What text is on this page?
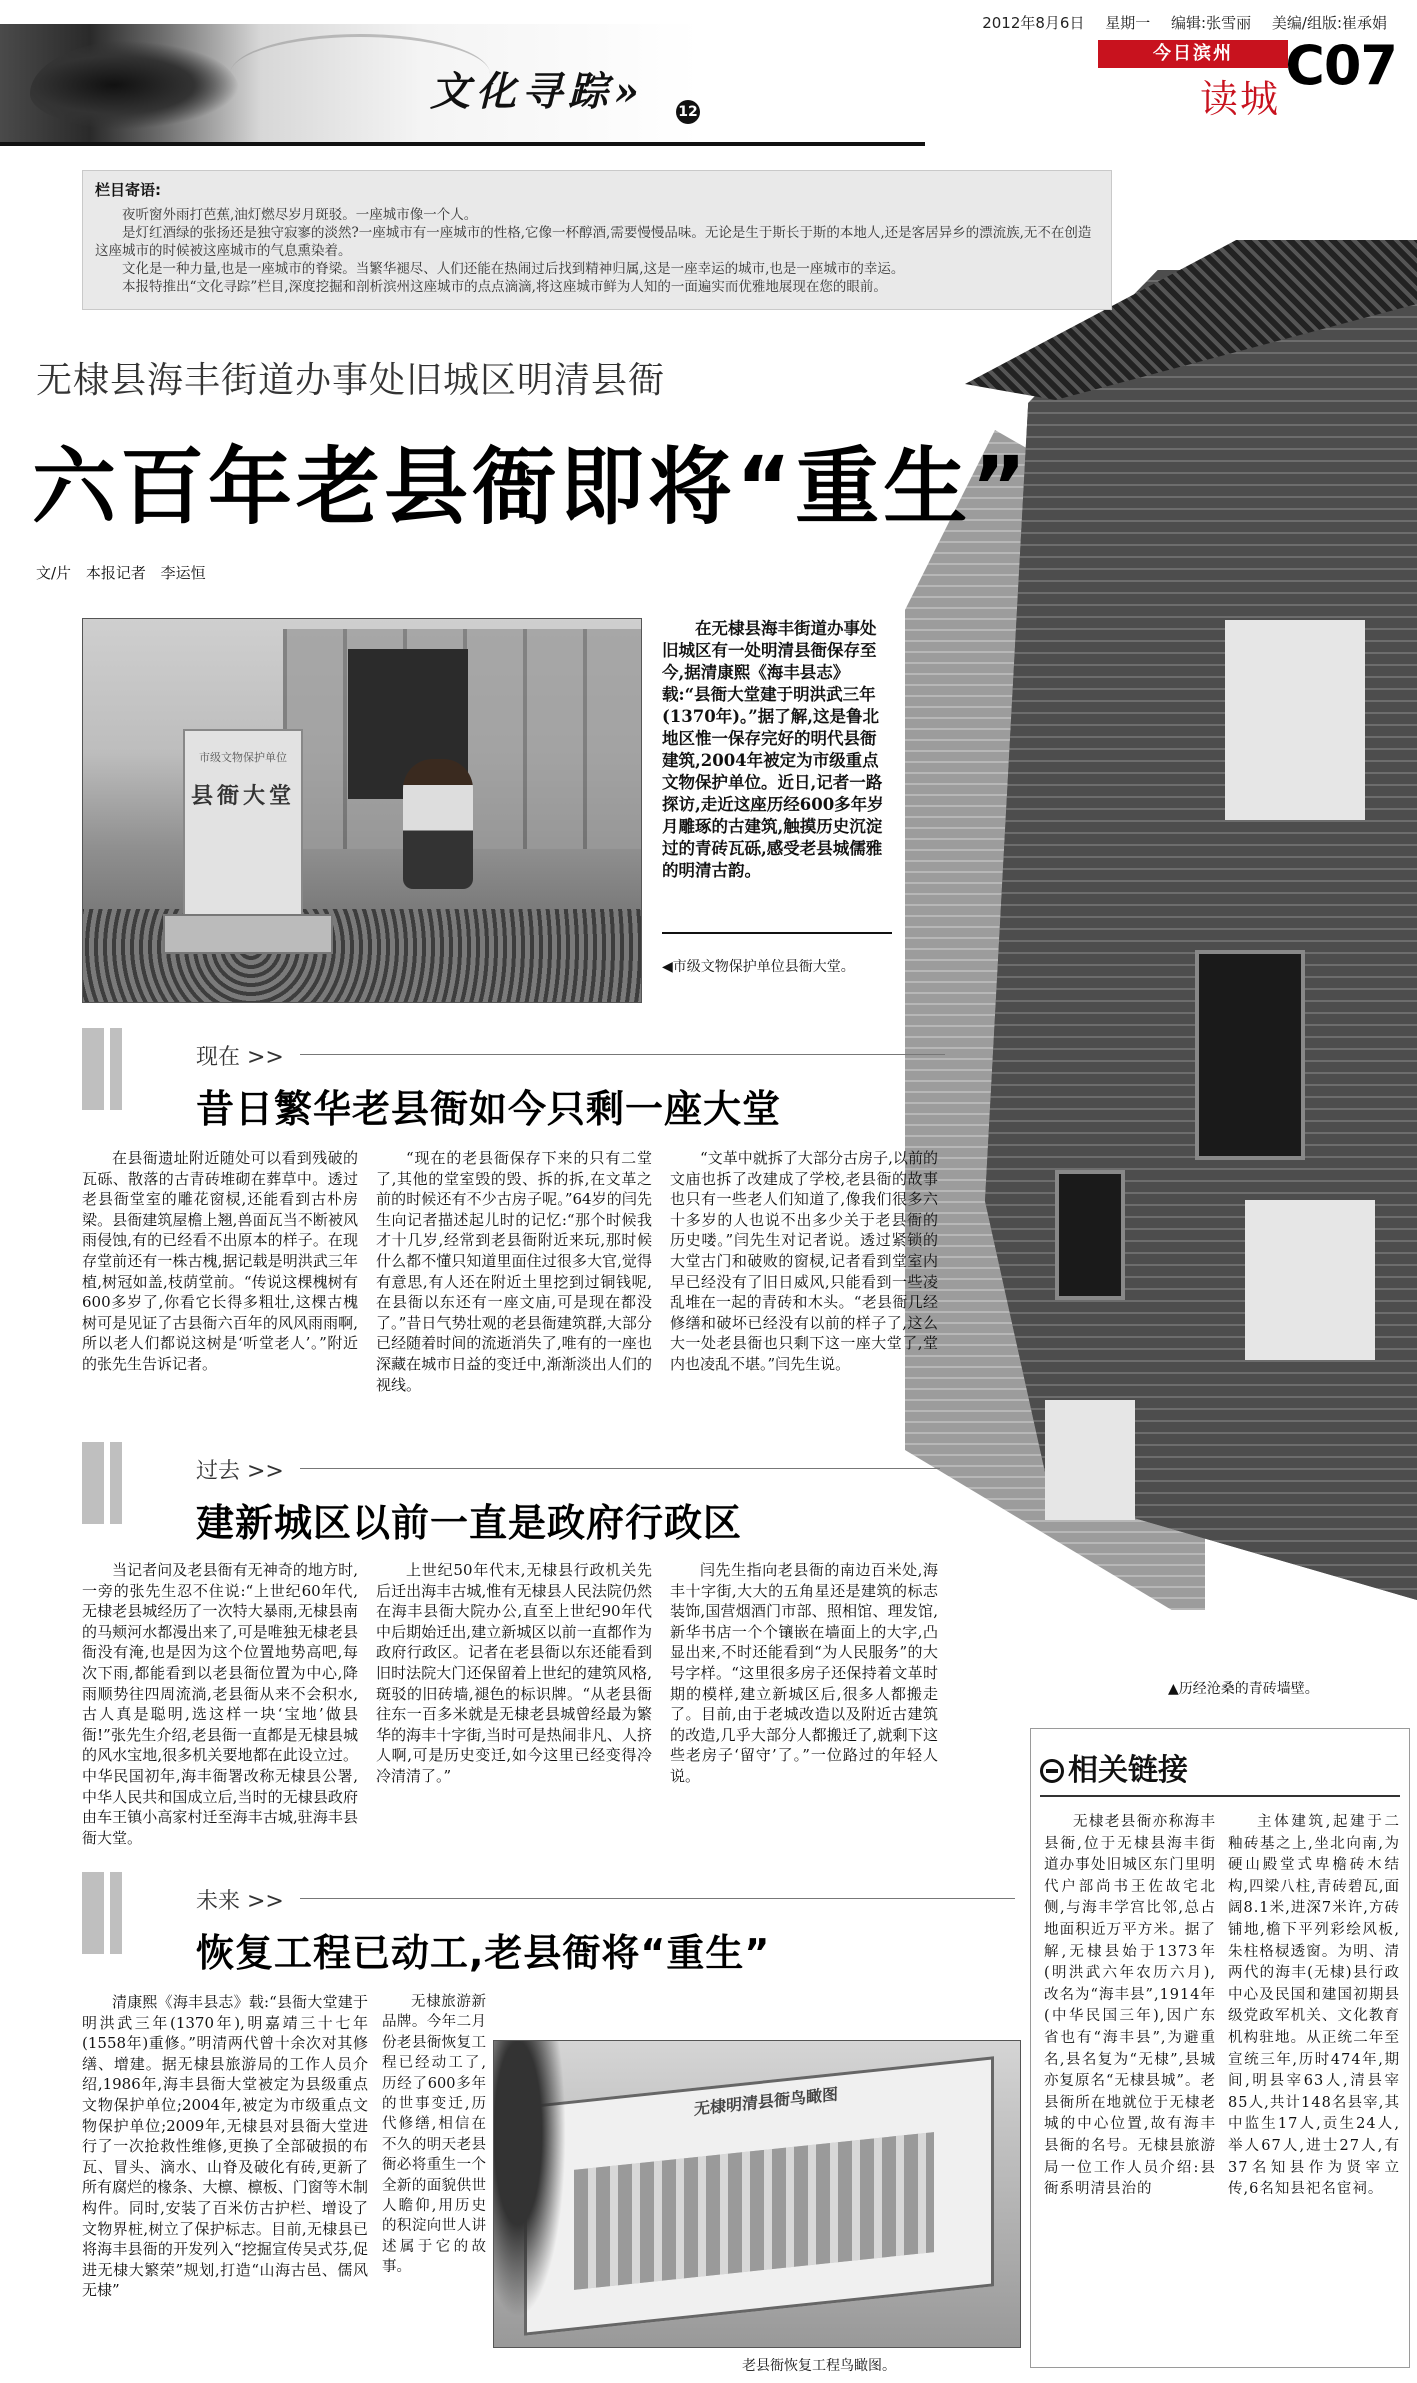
文化寻踪» 12
2012年8月6日 星期一 编辑:张雪丽 美编/组版:崔承娟
今日滨州
读城
C07
▲历经沧桑的青砖墙壁。
栏目寄语:

夜听窗外雨打芭蕉,油灯燃尽岁月斑驳。一座城市像一个人。

是灯红酒绿的张扬还是独守寂寥的淡然?一座城市有一座城市的性格,它像一杯醇酒,需要慢慢品味。无论是生于斯长于斯的本地人,还是客居异乡的漂流族,无不在创造这座城市的时候被这座城市的气息熏染着。

文化是一种力量,也是一座城市的脊梁。当繁华褪尽、人们还能在热闹过后找到精神归属,这是一座幸运的城市,也是一座城市的幸运。

本报特推出“文化寻踪”栏目,深度挖掘和剖析滨州这座城市的点点滴滴,将这座城市鲜为人知的一面遍实而优雅地展现在您的眼前。

无棣县海丰街道办事处旧城区明清县衙
六百年老县衙即将“重生”
文/片 本报记者 李运恒
市级文物保护单位
县衙大堂

在无棣县海丰街道办事处旧城区有一处明清县衙保存至今,据清康熙《海丰县志》载:“县衙大堂建于明洪武三年(1370年)。”据了解,这是鲁北地区惟一保存完好的明代县衙建筑,2004年被定为市级重点文物保护单位。近日,记者一路探访,走近这座历经600多年岁月雕琢的古建筑,触摸历史沉淀过的青砖瓦砾,感受老县城儒雅的明清古韵。

◀市级文物保护单位县衙大堂。
现在 >>
昔日繁华老县衙如今只剩一座大堂

在县衙遗址附近随处可以看到残破的瓦砾、散落的古青砖堆砌在葬草中。透过老县衙堂室的雕花窗棂,还能看到古朴房梁。县衙建筑屋檐上翘,兽面瓦当不断被风雨侵蚀,有的已经看不出原本的样子。在现存堂前还有一株古槐,据记载是明洪武三年植,树冠如盖,枝荫堂前。“传说这棵槐树有600多岁了,你看它长得多粗壮,这棵古槐树可是见证了古县衙六百年的风风雨雨啊,所以老人们都说这树是‘听堂老人’。”附近的张先生告诉记者。

“现在的老县衙保存下来的只有二堂了,其他的堂室毁的毁、拆的拆,在文革之前的时候还有不少古房子呢。”64岁的闫先生向记者描述起儿时的记忆:“那个时候我才十几岁,经常到老县衙附近来玩,那时候什么都不懂只知道里面住过很多大官,觉得有意思,有人还在附近土里挖到过铜钱呢,在县衙以东还有一座文庙,可是现在都没了。”昔日气势壮观的老县衙建筑群,大部分已经随着时间的流逝消失了,唯有的一座也深藏在城市日益的变迁中,渐渐淡出人们的视线。

“文革中就拆了大部分古房子,以前的文庙也拆了改建成了学校,老县衙的故事也只有一些老人们知道了,像我们很多六十多岁的人也说不出多少关于老县衙的历史喽。”闫先生对记者说。透过紧锁的大堂古门和破败的窗棂,记者看到堂室内早已经没有了旧日威风,只能看到一些凌乱堆在一起的青砖和木头。“老县衙几经修缮和破坏已经没有以前的样子了,这么大一处老县衙也只剩下这一座大堂了,堂内也凌乱不堪。”闫先生说。

过去 >>
建新城区以前一直是政府行政区

当记者问及老县衙有无神奇的地方时,一旁的张先生忍不住说:“上世纪60年代,无棣老县城经历了一次特大暴雨,无棣县南的马颊河水都漫出来了,可是唯独无棣老县衙没有淹,也是因为这个位置地势高吧,每次下雨,都能看到以老县衙位置为中心,降雨顺势往四周流淌,老县衙从来不会积水,古人真是聪明,选这样一块‘宝地’做县衙!”张先生介绍,老县衙一直都是无棣县城的风水宝地,很多机关要地都在此设立过。中华民国初年,海丰衙署改称无棣县公署,中华人民共和国成立后,当时的无棣县政府由车王镇小高家村迁至海丰古城,驻海丰县衙大堂。

上世纪50年代末,无棣县行政机关先后迁出海丰古城,惟有无棣县人民法院仍然在海丰县衙大院办公,直至上世纪90年代中后期始迁出,建立新城区以前一直都作为政府行政区。记者在老县衙以东还能看到旧时法院大门还保留着上世纪的建筑风格,斑驳的旧砖墙,褪色的标识牌。“从老县衙往东一百多米就是无棣老县城曾经最为繁华的海丰十字街,当时可是热闹非凡、人挤人啊,可是历史变迁,如今这里已经变得冷冷清清了。”

闫先生指向老县衙的南边百米处,海丰十字街,大大的五角星还是建筑的标志装饰,国营烟酒门市部、照相馆、理发馆,新华书店一个个镶嵌在墙面上的大字,凸显出来,不时还能看到“为人民服务”的大号字样。“这里很多房子还保持着文革时期的模样,建立新城区后,很多人都搬走了。目前,由于老城改造以及附近古建筑的改造,几乎大部分人都搬迁了,就剩下这些老房子‘留守’了。”一位路过的年轻人说。

未来 >>
恢复工程已动工,老县衙将“重生”

清康熙《海丰县志》载:“县衙大堂建于明洪武三年(1370年),明嘉靖三十七年(1558年)重修。”明清两代曾十余次对其修缮、增建。据无棣县旅游局的工作人员介绍,1986年,海丰县衙大堂被定为县级重点文物保护单位;2004年,被定为市级重点文物保护单位;2009年,无棣县对县衙大堂进行了一次抢救性维修,更换了全部破损的布瓦、冒头、滴水、山脊及破化有砖,更新了所有腐烂的椽条、大檩、檩板、门窗等木制构件。同时,安装了百米仿古护栏、增设了文物界桩,树立了保护标志。目前,无棣县已将海丰县衙的开发列入“挖掘宣传吴式芬,促进无棣大繁荣”规划,打造“山海古邑、儒风无棣”

无棣旅游新品牌。今年二月份老县衙恢复工程已经动工了,历经了600多年的世事变迁,历代修缮,相信在不久的明天老县衙必将重生一个全新的面貌供世人瞻仰,用历史的积淀向世人讲述属于它的故事。

无棣明清县衙鸟瞰图
老县衙恢复工程鸟瞰图。
相关链接

无棣老县衙亦称海丰县衙,位于无棣县海丰街道办事处旧城区东门里明代户部尚书王佐故宅北侧,与海丰学宫比邻,总占地面积近万平方米。据了解,无棣县始于1373年(明洪武六年农历六月),改名为“海丰县”,1914年(中华民国三年),因广东省也有“海丰县”,为避重名,县名复为“无棣”,县城亦复原名“无棣县城”。老县衙所在地就位于无棣老城的中心位置,故有海丰县衙的名号。无棣县旅游局一位工作人员介绍:县衙系明清县治的

主体建筑,起建于二釉砖基之上,坐北向南,为硬山殿堂式卑檐砖木结构,四梁八柱,青砖碧瓦,面阔8.1米,进深7米许,方砖铺地,檐下平列彩绘风板,朱柱格棂透窗。为明、清两代的海丰(无棣)县行政中心及民国和建国初期县级党政军机关、文化教育机构驻地。从正统二年至宣统三年,历时474年,期间,明县宰63人,清县宰85人,共计148名县宰,其中监生17人,贡生24人,举人67人,进士27人,有37名知县作为贤宰立传,6名知县祀名宦祠。
